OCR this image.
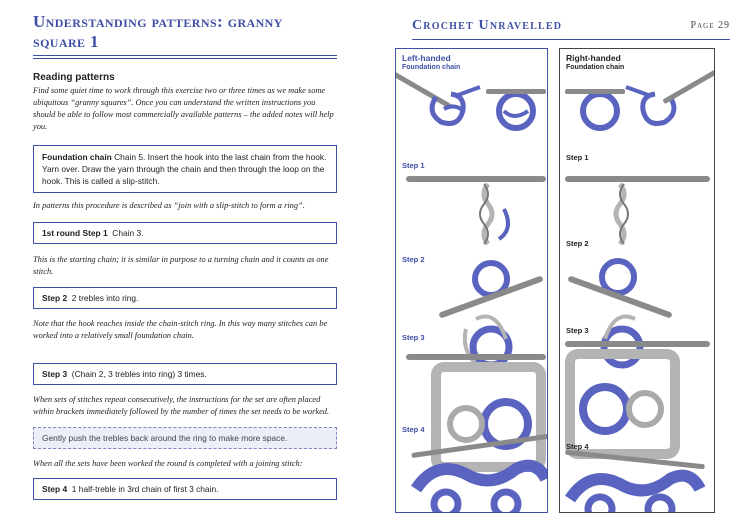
Understanding patterns: granny square 1
Reading patterns

Find some quiet time to work through this exercise two or three times as we make some ubiquitous “granny squares”. Once you can understand the written instructions you should be able to follow most commercially available patterns – the added notes will help you.

Foundation chain Chain 5. Insert the hook into the last chain from the hook. Yarn over. Draw the yarn through the chain and then through the loop on the hook. This is called a slip-stitch.

In patterns this procedure is described as “join with a slip-stitch to form a ring”.

1st round Step 1 Chain 3.

This is the starting chain; it is similar in purpose to a turning chain and it counts as one stitch.

Step 2 2 trebles into ring.

Note that the hook reaches inside the chain-stitch ring. In this way many stitches can be worked into a relatively small foundation chain.

Step 3 (Chain 2, 3 trebles into ring) 3 times.

When sets of stitches repeat consecutively, the instructions for the set are often placed within brackets immediately followed by the number of times the set needs to be worked.

Gently push the trebles back around the ring to make more space.

When all the sets have been worked the round is completed with a joining stitch:

Step 4 1 half-treble in 3rd chain of first 3 chain.
Crochet Unravelled	Page 29
Left-handed
Foundation chain
Step 1
Step 2
Step 3
Step 4
Right-handed
Foundation chain
Step 1
Step 2
Step 3
Step 4
